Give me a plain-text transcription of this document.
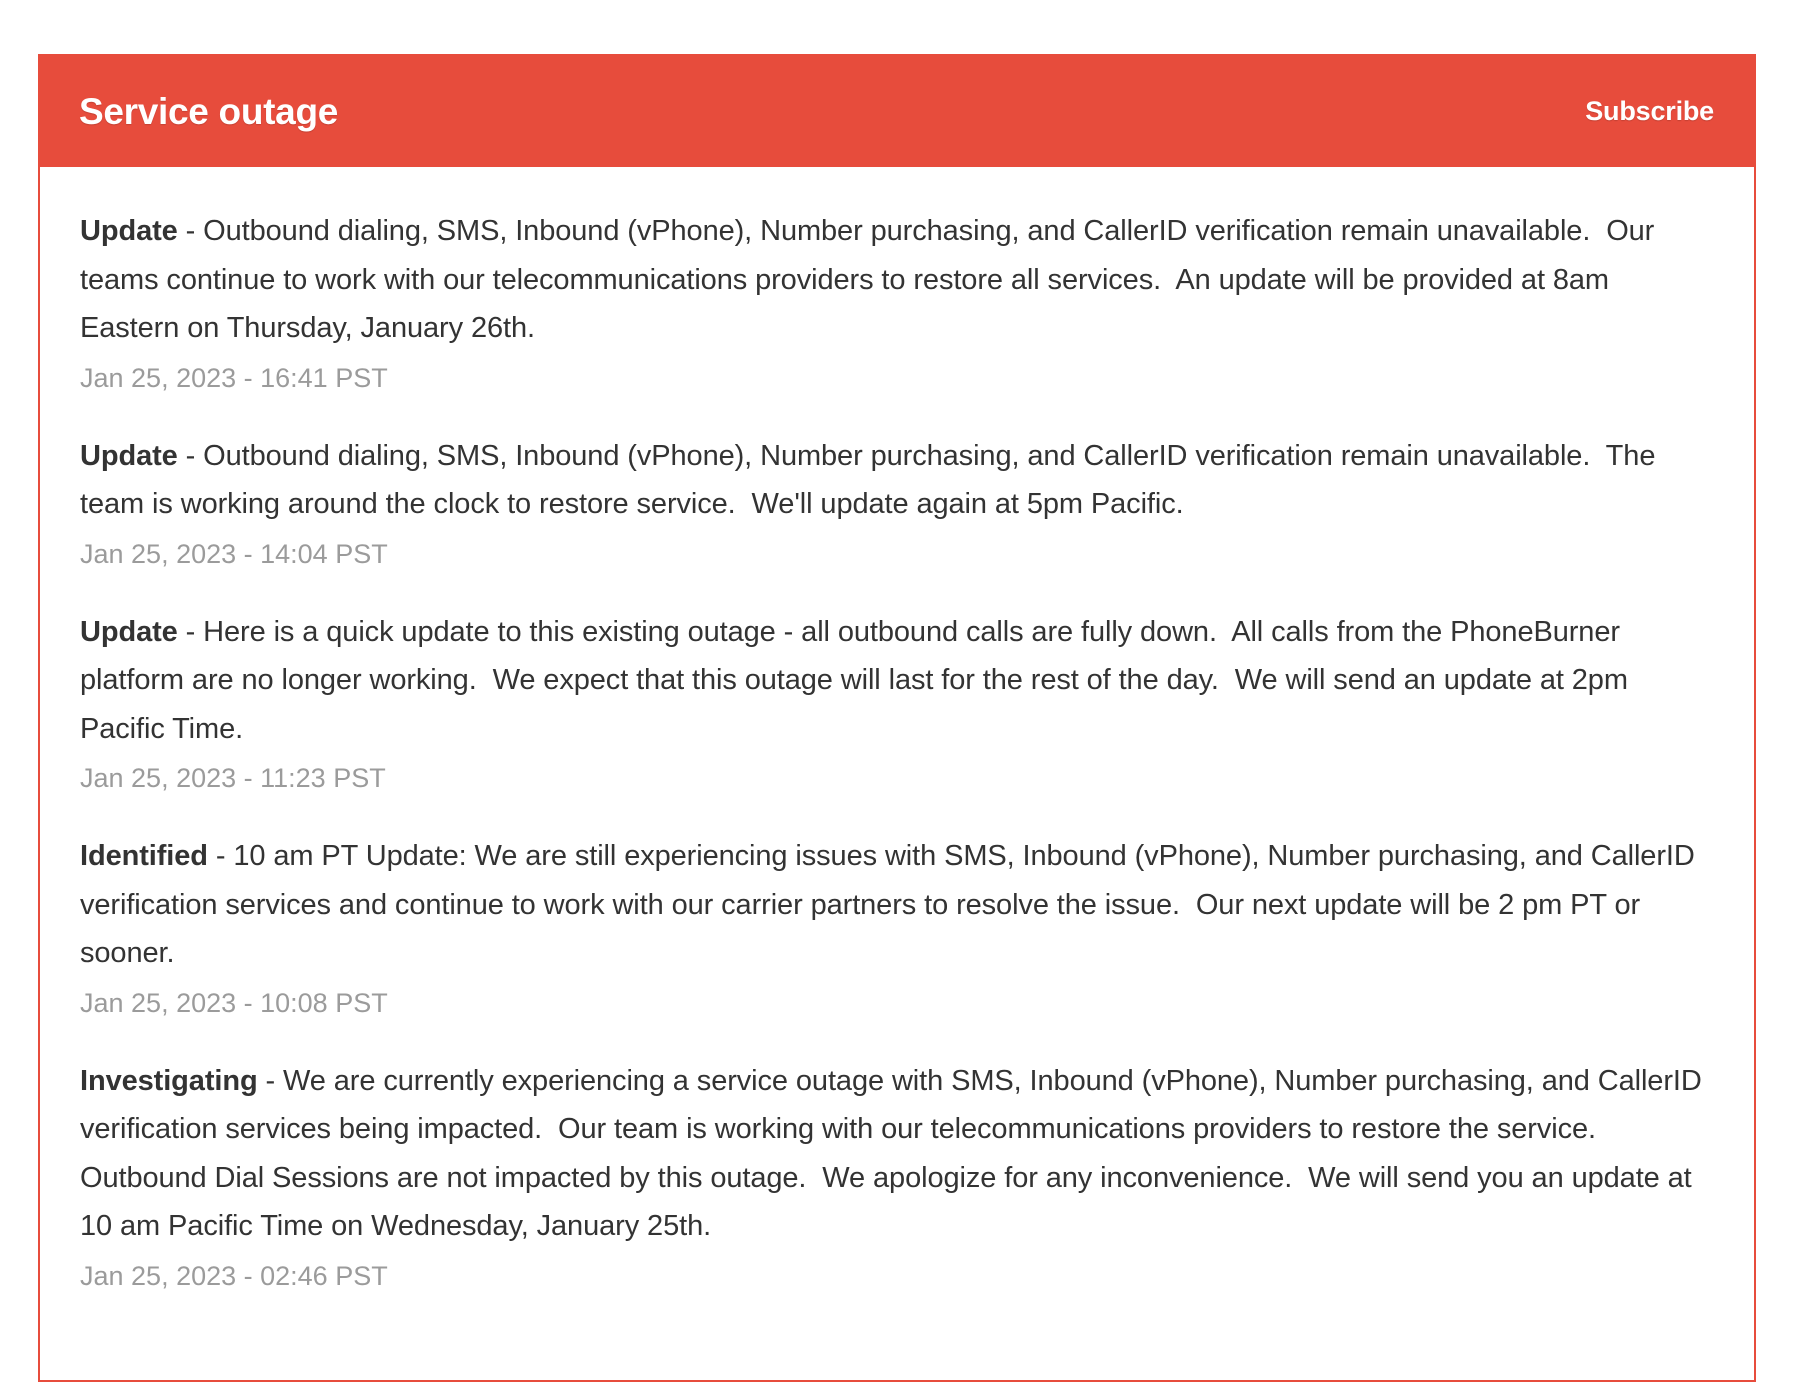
Service outage	Subscribe

Update - Outbound dialing, SMS, Inbound (vPhone), Number purchasing, and CallerID verification remain unavailable.  Our teams continue to work with our telecommunications providers to restore all services.  An update will be provided at 8am Eastern on Thursday, January 26th.

Jan 25, 2023 - 16:41 PST

Update - Outbound dialing, SMS, Inbound (vPhone), Number purchasing, and CallerID verification remain unavailable.  The team is working around the clock to restore service.  We'll update again at 5pm Pacific.

Jan 25, 2023 - 14:04 PST

Update - Here is a quick update to this existing outage - all outbound calls are fully down.  All calls from the PhoneBurner platform are no longer working.  We expect that this outage will last for the rest of the day.  We will send an update at 2pm Pacific Time.

Jan 25, 2023 - 11:23 PST

Identified - 10 am PT Update: We are still experiencing issues with SMS, Inbound (vPhone), Number purchasing, and CallerID verification services and continue to work with our carrier partners to resolve the issue.  Our next update will be 2 pm PT or sooner.

Jan 25, 2023 - 10:08 PST

Investigating - We are currently experiencing a service outage with SMS, Inbound (vPhone), Number purchasing, and CallerID verification services being impacted.  Our team is working with our telecommunications providers to restore the service.  Outbound Dial Sessions are not impacted by this outage.  We apologize for any inconvenience.  We will send you an update at 10 am Pacific Time on Wednesday, January 25th.

Jan 25, 2023 - 02:46 PST
